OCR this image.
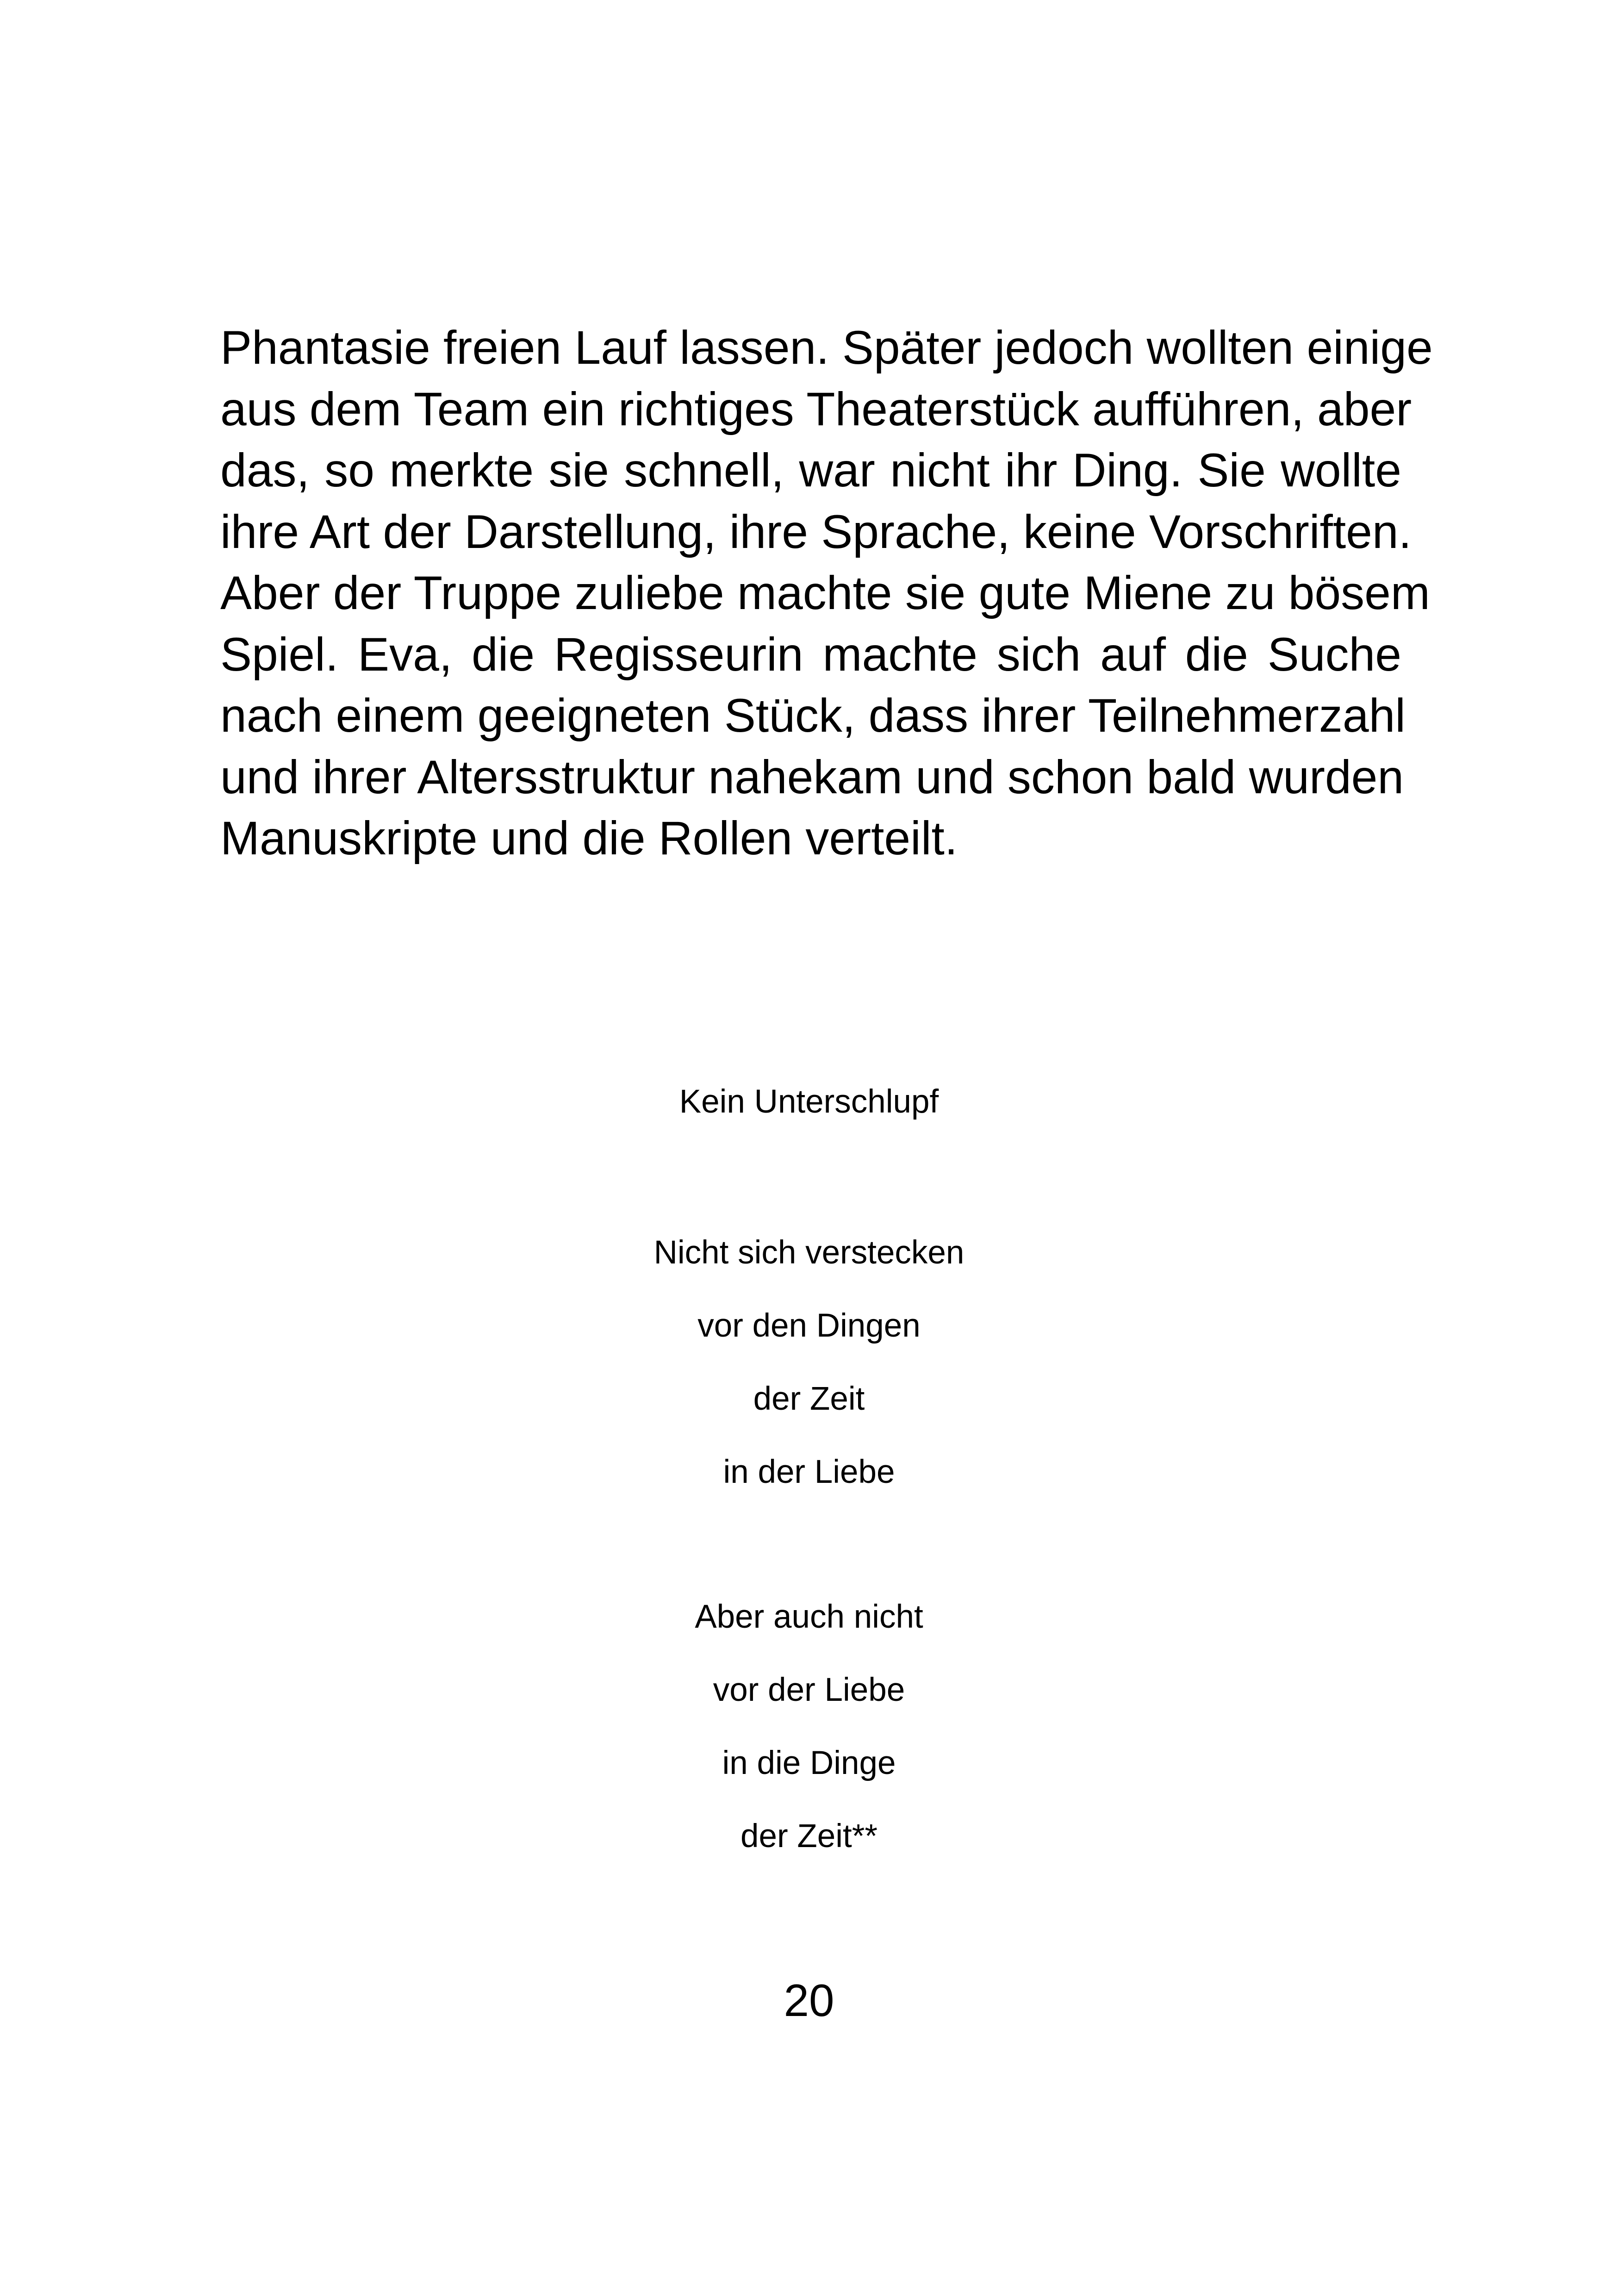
Phantasie freien Lauf lassen. Später jedoch wollten einige
aus dem Team ein richtiges Theaterstück aufführen, aber
das, so merkte sie schnell, war nicht ihr Ding. Sie wollte
ihre Art der Darstellung, ihre Sprache, keine Vorschriften.
Aber der Truppe zuliebe machte sie gute Miene zu bösem
Spiel. Eva, die Regisseurin machte sich auf die Suche
nach einem geeigneten Stück, dass ihrer Teilnehmerzahl
und ihrer Altersstruktur nahekam und schon bald wurden
Manuskripte und die Rollen verteilt.
Kein Unterschlupf
Nicht sich verstecken
vor den Dingen
der Zeit
in der Liebe
Aber auch nicht
vor der Liebe
in die Dinge
der Zeit**
20
